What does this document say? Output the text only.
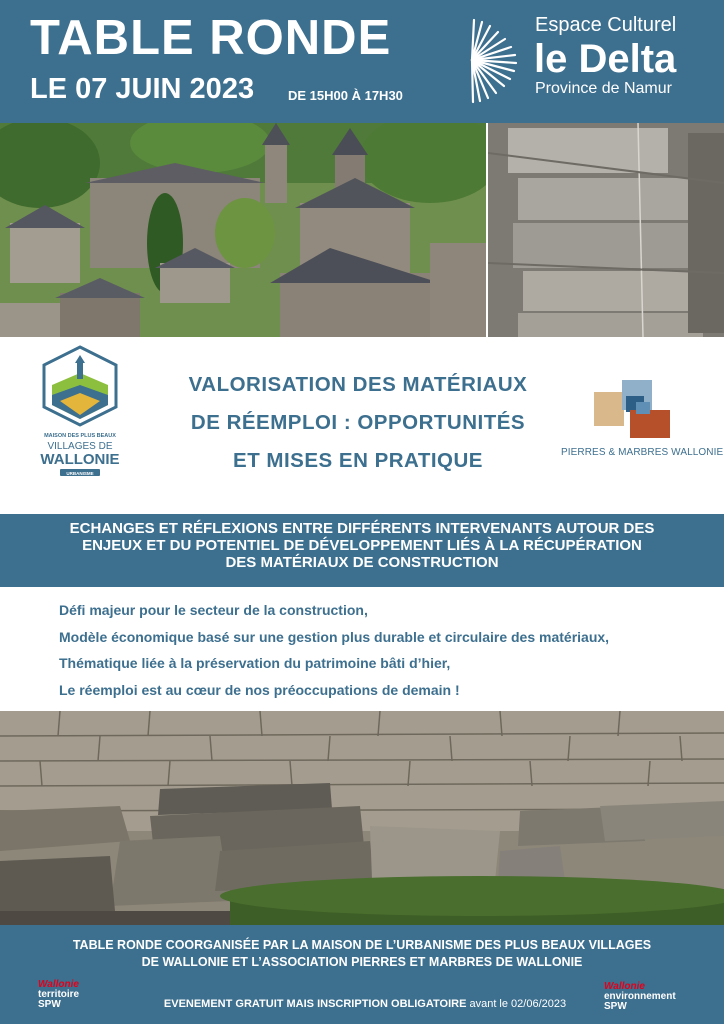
TABLE RONDE
LE 07 JUIN 2023	DE 15H00 À 17H30
Espace Culturel
le Delta
Province de Namur
MAISON DES PLUS BEAUX
VILLAGES DE
WALLONIE
URBANISME
VALORISATION DES MATÉRIAUX
DE RÉEMPLOI : OPPORTUNITÉS
ET MISES EN PRATIQUE	PIERRES & MARBRES WALLONIE
ECHANGES ET RÉFLEXIONS ENTRE DIFFÉRENTS INTERVENANTS AUTOUR DES
ENJEUX ET DU POTENTIEL DE DÉVELOPPEMENT LIÉS À LA RÉCUPÉRATION
DES MATÉRIAUX DE CONSTRUCTION
Défi majeur pour le secteur de la construction,
Modèle économique basé sur une gestion plus durable et circulaire des matériaux,
Thématique liée à la préservation du patrimoine bâti d’hier,
Le réemploi est au cœur de nos préoccupations de demain !
TABLE RONDE COORGANISÉE PAR LA MAISON DE L’URBANISME DES PLUS BEAUX VILLAGES
DE WALLONIE ET L’ASSOCIATION PIERRES ET MARBRES DE WALLONIE
EVENEMENT GRATUIT MAIS INSCRIPTION OBLIGATOIRE avant le 02/06/2023
Wallonie
territoire
SPW
Wallonie
environnement
SPW
